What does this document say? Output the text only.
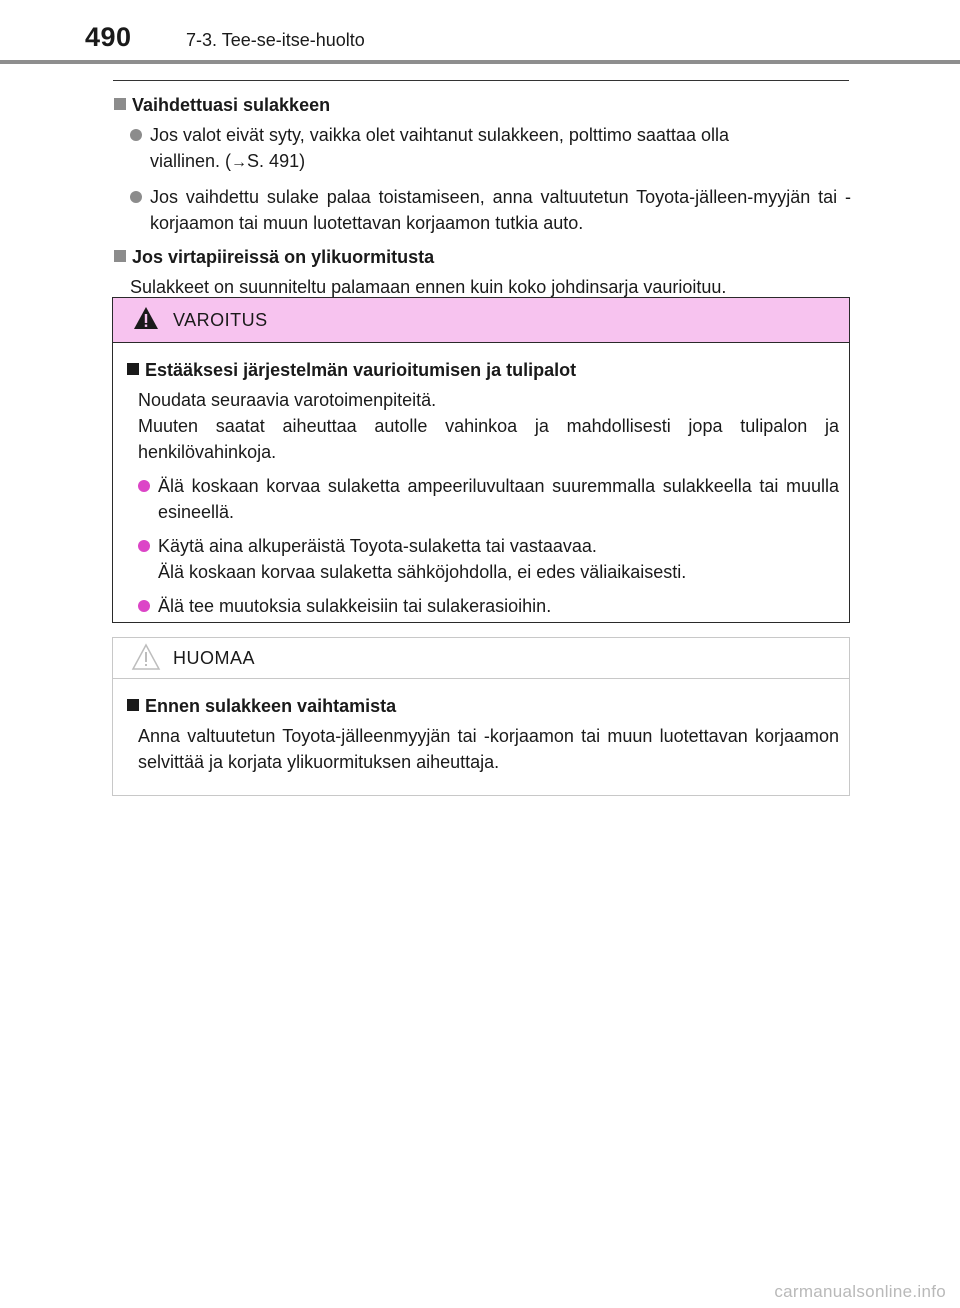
490	7-3. Tee-se-itse-huolto
Vaihdettuasi sulakkeen
Jos valot eivät syty, vaikka olet vaihtanut sulakkeen, polttimo saattaa olla
viallinen. (→S. 491)
Jos vaihdettu sulake palaa toistamiseen, anna valtuutetun Toyota-jälleen-myyjän tai -korjaamon tai muun luotettavan korjaamon tutkia auto.
Jos virtapiireissä on ylikuormitusta
Sulakkeet on suunniteltu palamaan ennen kuin koko johdinsarja vaurioituu.
VAROITUS
Estääksesi järjestelmän vaurioitumisen ja tulipalot
Noudata seuraavia varotoimenpiteitä.
Muuten saatat aiheuttaa autolle vahinkoa ja mahdollisesti jopa tulipalon ja henkilövahinkoja.
Älä koskaan korvaa sulaketta ampeeriluvultaan suuremmalla sulakkeella tai muulla esineellä.
Käytä aina alkuperäistä Toyota-sulaketta tai vastaavaa.
Älä koskaan korvaa sulaketta sähköjohdolla, ei edes väliaikaisesti.
Älä tee muutoksia sulakkeisiin tai sulakerasioihin.
HUOMAA
Ennen sulakkeen vaihtamista
Anna valtuutetun Toyota-jälleenmyyjän tai -korjaamon tai muun luotettavan korjaamon selvittää ja korjata ylikuormituksen aiheuttaja.
carmanualsonline.info
